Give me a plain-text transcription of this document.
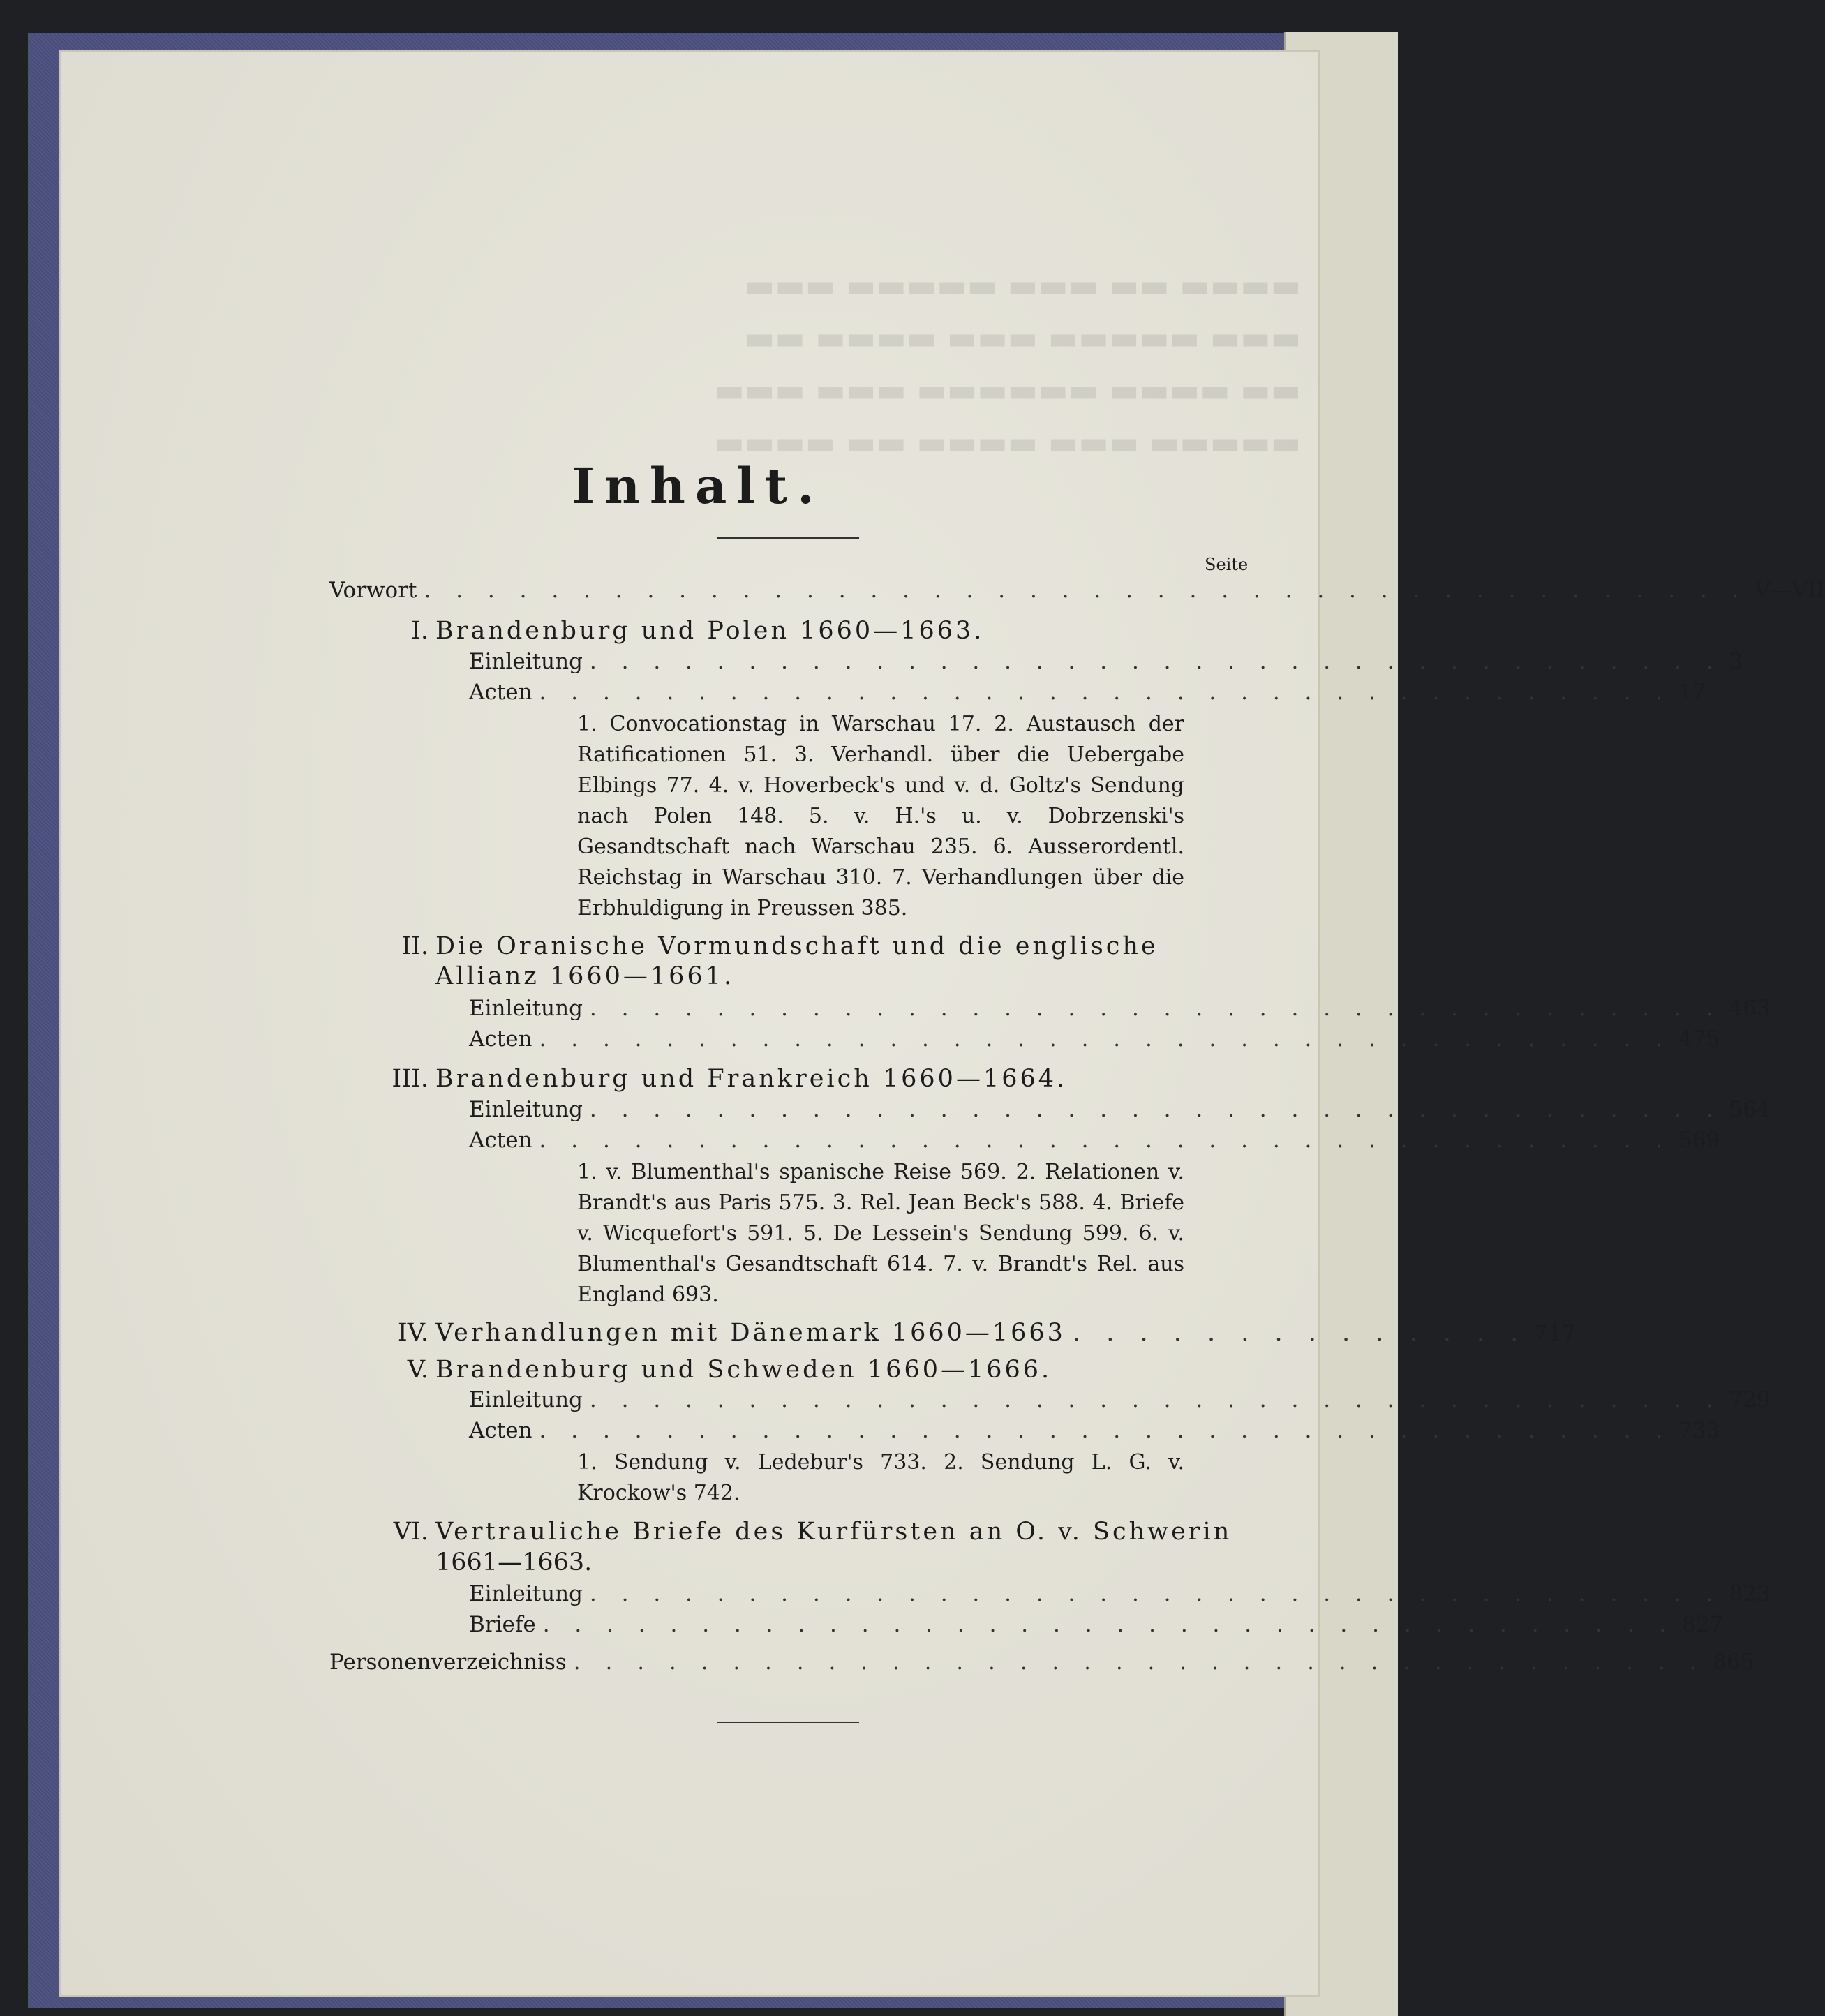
▬▬▬▬ ▬▬ ▬▬▬ ▬▬▬▬▬ ▬▬▬
▬▬▬ ▬▬▬▬▬ ▬▬▬ ▬▬▬▬ ▬▬
▬▬ ▬▬▬▬ ▬▬▬▬▬▬ ▬▬▬ ▬▬▬
▬▬▬▬▬ ▬▬▬ ▬▬▬▬ ▬▬ ▬▬▬▬
Inhalt.
Seite
Vorwort . . . . . . . . . . . . . . . . . . . . . . . . . . . . . . . . . . . . . . . . . . V—VII
I. Brandenburg und Polen 1660—1663.
Einleitung . . . . . . . . . . . . . . . . . . . . . . . . . . . . . . . . . . . . 3
Acten . . . . . . . . . . . . . . . . . . . . . . . . . . . . . . . . . . . . 17
1. Convocationstag in Warschau 17. 2. Austausch der Ratificationen 51. 3. Verhandl. über die Uebergabe Elbings 77. 4. v. Hoverbeck's und v. d. Goltz's Sendung nach Polen 148. 5. v. H.'s u. v. Dobrzenski's Gesandtschaft nach Warschau 235. 6. Ausserordentl. Reichstag in Warschau 310. 7. Verhandlungen über die Erbhuldigung in Preussen 385.
II. Die Oranische Vormundschaft und die englische
Allianz 1660—1661.
Einleitung . . . . . . . . . . . . . . . . . . . . . . . . . . . . . . . . . . . . 463
Acten . . . . . . . . . . . . . . . . . . . . . . . . . . . . . . . . . . . . 475
III. Brandenburg und Frankreich 1660—1664.
Einleitung . . . . . . . . . . . . . . . . . . . . . . . . . . . . . . . . . . . . 564
Acten . . . . . . . . . . . . . . . . . . . . . . . . . . . . . . . . . . . . 569
1. v. Blumenthal's spanische Reise 569. 2. Relationen v. Brandt's aus Paris 575. 3. Rel. Jean Beck's 588. 4. Briefe v. Wicquefort's 591. 5. De Lessein's Sendung 599. 6. v. Blumenthal's Gesandtschaft 614. 7. v. Brandt's Rel. aus England 693.
IV. Verhandlungen mit Dänemark 1660—1663 . . . . . . . . . . . . . . 717
V. Brandenburg und Schweden 1660—1666.
Einleitung . . . . . . . . . . . . . . . . . . . . . . . . . . . . . . . . . . . . 729
Acten . . . . . . . . . . . . . . . . . . . . . . . . . . . . . . . . . . . . 733
1. Sendung v. Ledebur's 733. 2. Sendung L. G. v. Krockow's 742.
VI. Vertrauliche Briefe des Kurfürsten an O. v. Schwerin
1661—1663.
Einleitung . . . . . . . . . . . . . . . . . . . . . . . . . . . . . . . . . . . . 823
Briefe . . . . . . . . . . . . . . . . . . . . . . . . . . . . . . . . . . . . 827
Personenverzeichniss . . . . . . . . . . . . . . . . . . . . . . . . . . . . . . . . . . . . 865
